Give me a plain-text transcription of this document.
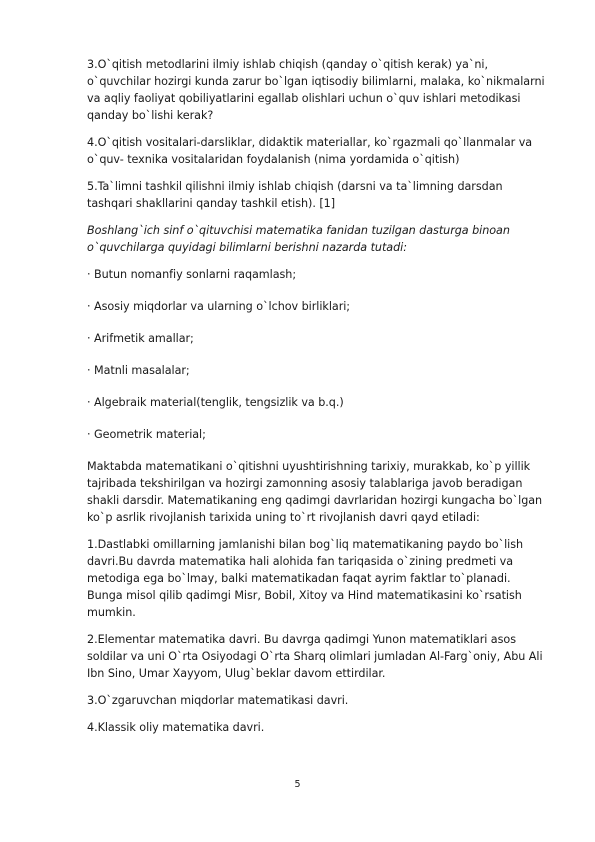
3.O`qitish metodlarini ilmiy ishlab chiqish (qanday o`qitish kerak) ya`ni, o`quvchilar hozirgi kunda zarur bo`lgan iqtisodiy bilimlarni, malaka, ko`nikmalarni va aqliy faoliyat qobiliyatlarini egallab olishlari uchun o`quv ishlari metodikasi qanday bo`lishi kerak?

4.O`qitish vositalari-darsliklar, didaktik materiallar, ko`rgazmali qo`llanmalar va o`quv- texnika vositalaridan foydalanish (nima yordamida o`qitish)

5.Ta`limni tashkil qilishni ilmiy ishlab chiqish (darsni va ta`limning darsdan tashqari shakllarini qanday tashkil etish). [1]

Boshlang`ich sinf o`qituvchisi matematika fanidan tuzilgan dasturga binoan o`quvchilarga quyidagi bilimlarni berishni nazarda tutadi:

· Butun nomanfiy sonlarni raqamlash;

· Asosiy miqdorlar va ularning o`lchov birliklari;

· Arifmetik amallar;

· Matnli masalalar;

· Algebraik material(tenglik, tengsizlik va b.q.)

· Geometrik material;

Maktabda matematikani o`qitishni uyushtirishning tarixiy, murakkab, ko`p yillik tajribada tekshirilgan va hozirgi zamonning asosiy talablariga javob beradigan shakli darsdir. Matematikaning eng qadimgi davrlaridan hozirgi kungacha bo`lgan ko`p asrlik rivojlanish tarixida uning to`rt rivojlanish davri qayd etiladi:

1.Dastlabki omillarning jamlanishi bilan bog`liq matematikaning paydo bo`lish davri.Bu davrda matematika hali alohida fan tariqasida o`zining predmeti va metodiga ega bo`lmay, balki matematikadan faqat ayrim faktlar to`planadi. Bunga misol qilib qadimgi Misr, Bobil, Xitoy va Hind matematikasini ko`rsatish mumkin.

2.Elementar matematika davri. Bu davrga qadimgi Yunon matematiklari asos soldilar va uni O`rta Osiyodagi O`rta Sharq olimlari jumladan Al-Farg`oniy, Abu Ali Ibn Sino, Umar Xayyom, Ulug`beklar davom ettirdilar.

3.O`zgaruvchan miqdorlar matematikasi davri.

4.Klassik oliy matematika davri.

5
